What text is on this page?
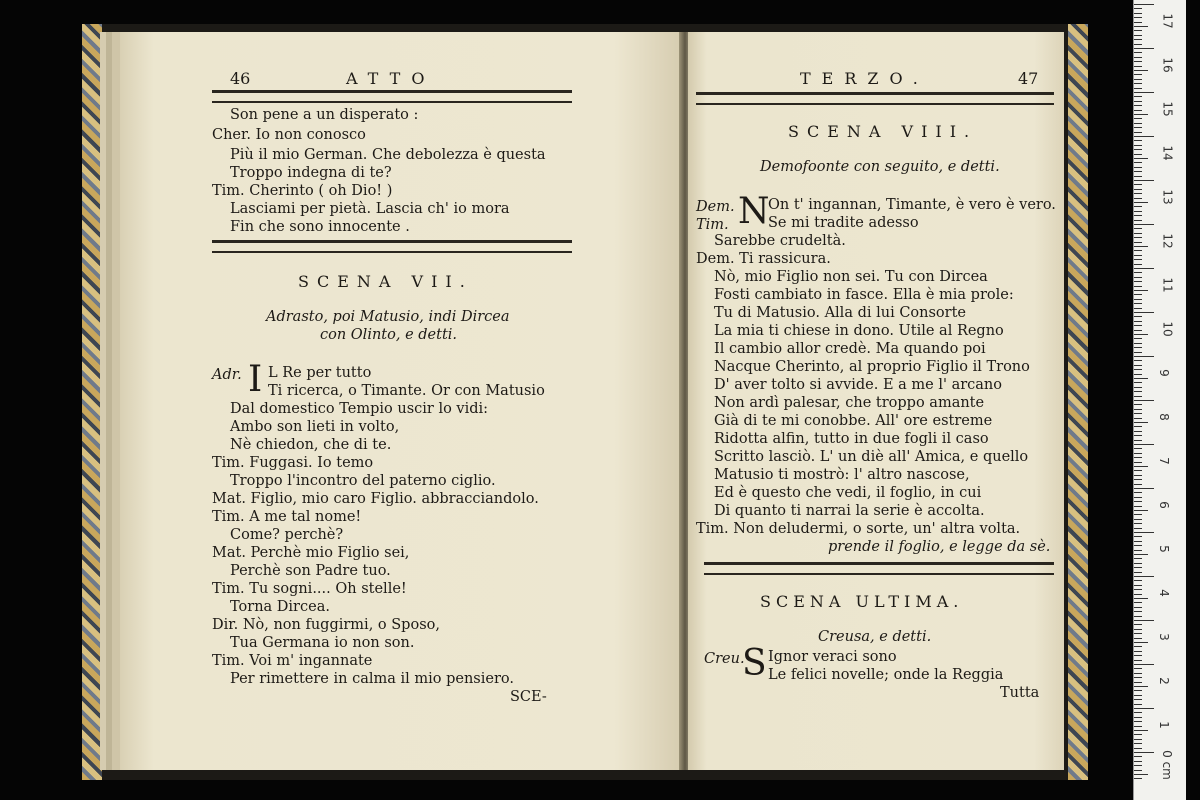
46	ATTO
Son pene a un disperato :
Cher. Io non conosco
Più il mio German. Che debolezza è questa
Troppo indegna di te?
Tim. Cherinto ( oh Dio! )
Lasciami per pietà. Lascia ch' io mora
Fin che sono innocente .
SCENA VII.
Adrasto, poi Matusio, indi Dircea
con Olinto, e detti.
Adr. I L Re per tutto
Ti ricerca, o Timante. Or con Matusio
Dal domestico Tempio uscir lo vidi:
Ambo son lieti in volto,
Nè chiedon, che di te.
Tim. Fuggasi. Io temo
Troppo l'incontro del paterno ciglio.
Mat. Figlio, mio caro Figlio. abbracciandolo.
Tim. A me tal nome!
Come? perchè?
Mat. Perchè mio Figlio sei,
Perchè son Padre tuo.
Tim. Tu sogni.... Oh stelle!
Torna Dircea.
Dir. Nò, non fuggirmi, o Sposo,
Tua Germana io non son.
Tim. Voi m' ingannate
Per rimettere in calma il mio pensiero.
SCE-
TERZO.	47
SCENA VIII.
Demofoonte con seguito, e detti.
Dem.
Tim. N
On t' ingannan, Timante, è vero è vero.
Se mi tradite adesso
Sarebbe crudeltà.
Dem. Ti rassicura.
Nò, mio Figlio non sei. Tu con Dircea
Fosti cambiato in fasce. Ella è mia prole:
Tu di Matusio. Alla di lui Consorte
La mia ti chiese in dono. Utile al Regno
Il cambio allor credè. Ma quando poi
Nacque Cherinto, al proprio Figlio il Trono
D' aver tolto si avvide. E a me l' arcano
Non ardì palesar, che troppo amante
Già di te mi conobbe. All' ore estreme
Ridotta alfin, tutto in due fogli il caso
Scritto lasciò. L' un diè all' Amica, e quello
Matusio ti mostrò: l' altro nascose,
Ed è questo che vedi, il foglio, in cui
Di quanto ti narrai la serie è accolta.
Tim. Non deludermi, o sorte, un' altra volta.
prende il foglio, e legge da sè.
SCENA ULTIMA.
Creusa, e detti.
Creu.
S Ignor veraci sono
Le felici novelle; onde la Reggia
Tutta
17
16
15
14
13
12
11
10
9
8
7
6
5
4
3
2
1
0 cm
